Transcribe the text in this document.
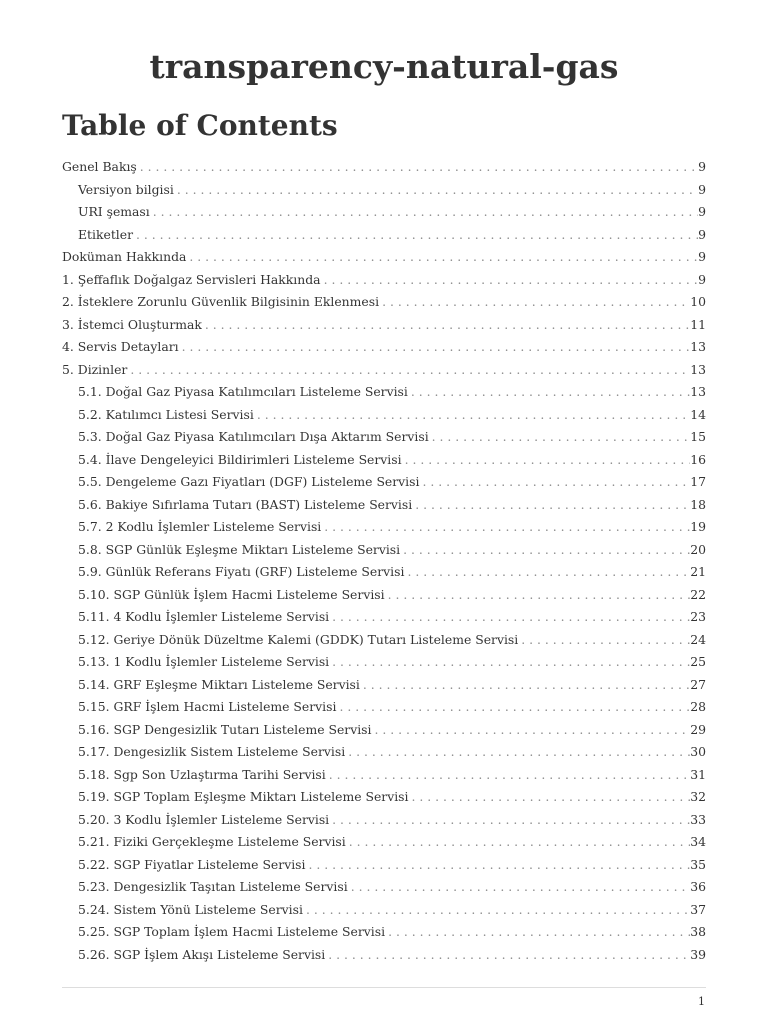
transparency-natural-gas
Table of Contents
Genel Bakış . . .	9
Versiyon bilgisi . . .	9
URI şeması . . .	9
Etiketler . . .	9
Doküman Hakkında . . .	9
1. Şeffaflık Doğalgaz Servisleri Hakkında . . .	9
2. İsteklere Zorunlu Güvenlik Bilgisinin Eklenmesi . . .	10
3. İstemci Oluşturmak . . .	11
4. Servis Detayları . . .	13
5. Dizinler . . .	13
5.1. Doğal Gaz Piyasa Katılımcıları Listeleme Servisi . . .	13
5.2. Katılımcı Listesi Servisi . . .	14
5.3. Doğal Gaz Piyasa Katılımcıları Dışa Aktarım Servisi . . .	15
5.4. İlave Dengeleyici Bildirimleri Listeleme Servisi . . .	16
5.5. Dengeleme Gazı Fiyatları (DGF) Listeleme Servisi . . .	17
5.6. Bakiye Sıfırlama Tutarı (BAST) Listeleme Servisi . . .	18
5.7. 2 Kodlu İşlemler Listeleme Servisi . . .	19
5.8. SGP Günlük Eşleşme Miktarı Listeleme Servisi . . .	20
5.9. Günlük Referans Fiyatı (GRF) Listeleme Servisi . . .	21
5.10. SGP Günlük İşlem Hacmi Listeleme Servisi . . .	22
5.11. 4 Kodlu İşlemler Listeleme Servisi . . .	23
5.12. Geriye Dönük Düzeltme Kalemi (GDDK) Tutarı Listeleme Servisi . . .	24
5.13. 1 Kodlu İşlemler Listeleme Servisi . . .	25
5.14. GRF Eşleşme Miktarı Listeleme Servisi . . .	27
5.15. GRF İşlem Hacmi Listeleme Servisi . . .	28
5.16. SGP Dengesizlik Tutarı Listeleme Servisi . . .	29
5.17. Dengesizlik Sistem Listeleme Servisi . . .	30
5.18. Sgp Son Uzlaştırma Tarihi Servisi . . .	31
5.19. SGP Toplam Eşleşme Miktarı Listeleme Servisi . . .	32
5.20. 3 Kodlu İşlemler Listeleme Servisi . . .	33
5.21. Fiziki Gerçekleşme Listeleme Servisi . . .	34
5.22. SGP Fiyatlar Listeleme Servisi . . .	35
5.23. Dengesizlik Taşıtan Listeleme Servisi . . .	36
5.24. Sistem Yönü Listeleme Servisi . . .	37
5.25. SGP Toplam İşlem Hacmi Listeleme Servisi . . .	38
5.26. SGP İşlem Akışı Listeleme Servisi . . .	39
1
